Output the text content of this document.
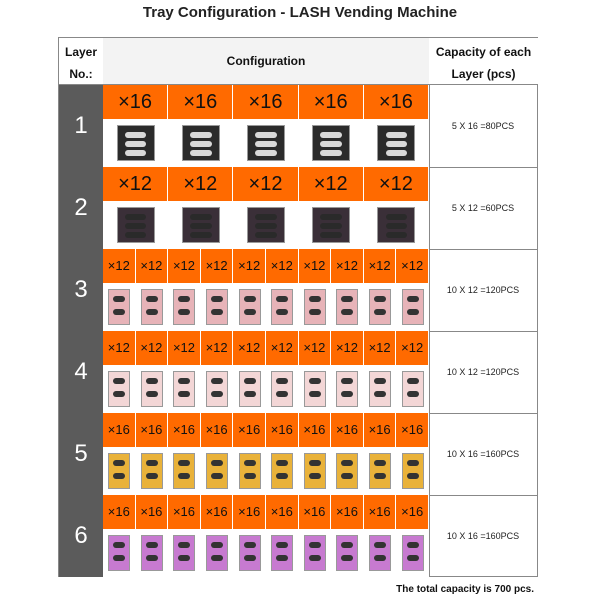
Tray Configuration - LASH Vending Machine
Layer
No.:
Configuration
Capacity of each
Layer (pcs)
1
×16	×16	×16	×16	×16
5 X 16 =80PCS
2
×12	×12	×12	×12	×12
5 X 12 =60PCS
3
×12 ×12 ×12 ×12 ×12 ×12 ×12 ×12 ×12 ×12
10 X 12 =120PCS
4
×12 ×12 ×12 ×12 ×12 ×12 ×12 ×12 ×12 ×12
10 X 12 =120PCS
5
×16 ×16 ×16 ×16 ×16 ×16 ×16 ×16 ×16 ×16
10 X 16 =160PCS
6
×16 ×16 ×16 ×16 ×16 ×16 ×16 ×16 ×16 ×16
10 X 16 =160PCS
The total capacity is 700 pcs.
